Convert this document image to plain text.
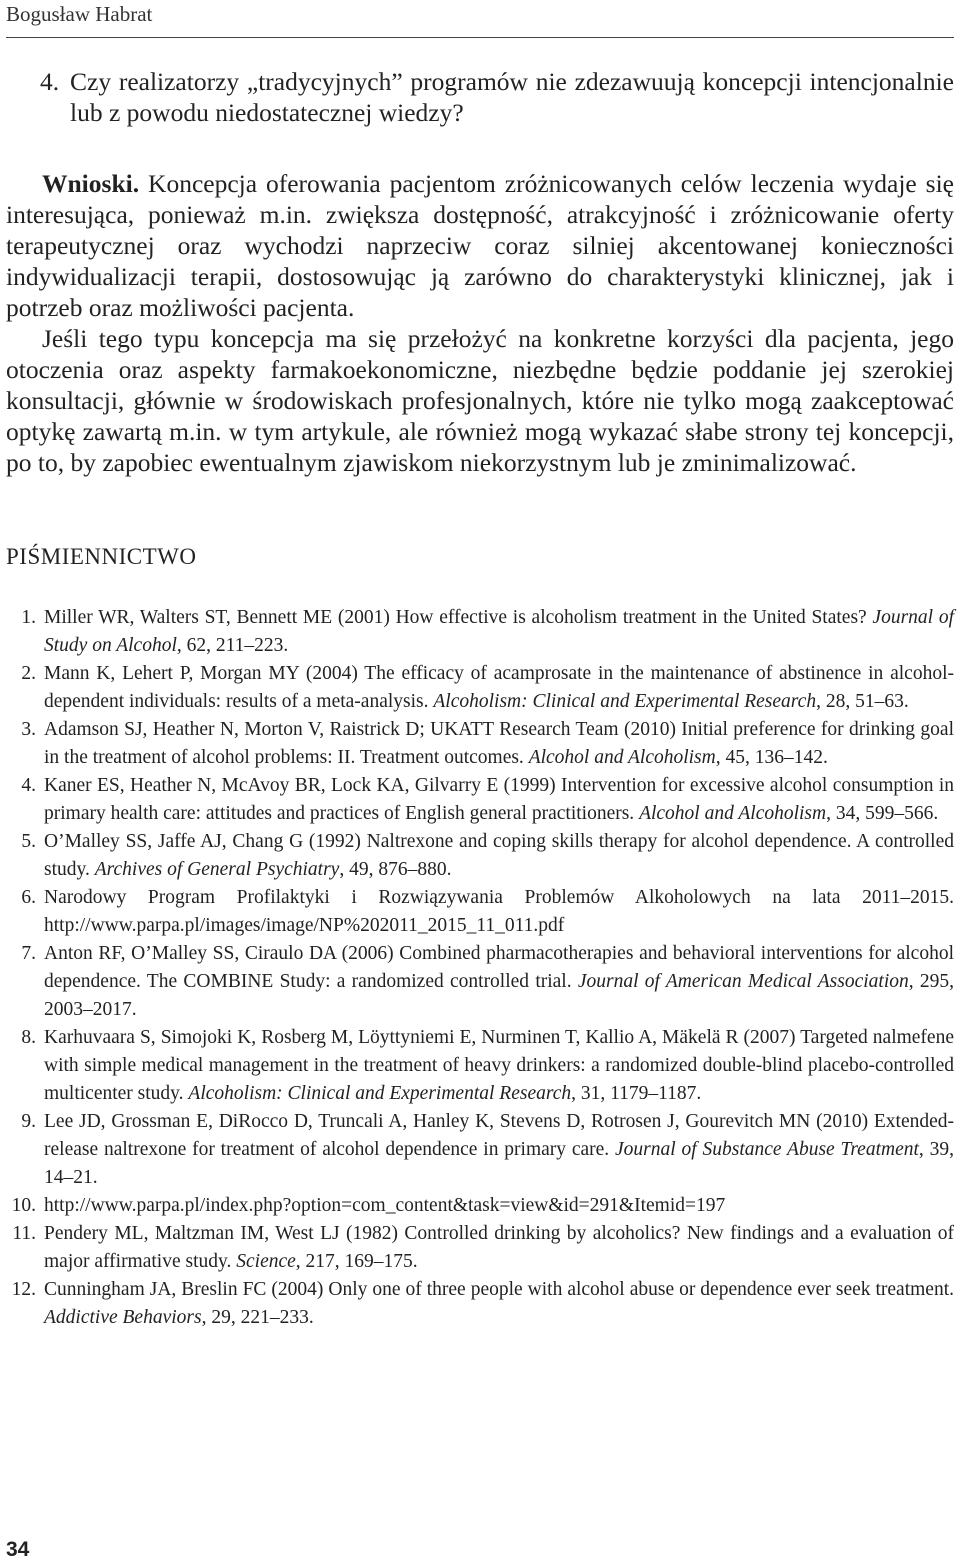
Bogusław Habrat
4. Czy realizatorzy „tradycyjnych” programów nie zdezawuują koncepcji intencjonalnie lub z powodu niedostatecznej wiedzy?

Wnioski. Koncepcja oferowania pacjentom zróżnicowanych celów leczenia wydaje się interesująca, ponieważ m.in. zwiększa dostępność, atrakcyjność i zróżnicowanie oferty terapeutycznej oraz wychodzi naprzeciw coraz silniej akcentowanej konieczności indywidualizacji terapii, dostosowując ją zarówno do charakterystyki klinicznej, jak i potrzeb oraz możliwości pacjenta.

Jeśli tego typu koncepcja ma się przełożyć na konkretne korzyści dla pacjenta, jego otoczenia oraz aspekty farmakoekonomiczne, niezbędne będzie poddanie jej szerokiej konsultacji, głównie w środowiskach profesjonalnych, które nie tylko mogą zaakceptować optykę zawartą m.in. w tym artykule, ale również mogą wykazać słabe strony tej koncepcji, po to, by zapobiec ewentualnym zjawiskom niekorzystnym lub je zminimalizować.

PIŚMIENNICTWO
1. Miller WR, Walters ST, Bennett ME (2001) How effective is alcoholism treatment in the United States? Journal of Study on Alcohol, 62, 211–223.
2. Mann K, Lehert P, Morgan MY (2004) The efficacy of acamprosate in the maintenance of abstinence in alcohol-dependent individuals: results of a meta-analysis. Alcoholism: Clinical and Experimental Research, 28, 51–63.
3. Adamson SJ, Heather N, Morton V, Raistrick D; UKATT Research Team (2010) Initial preference for drinking goal in the treatment of alcohol problems: II. Treatment outcomes. Alcohol and Alcoholism, 45, 136–142.
4. Kaner ES, Heather N, McAvoy BR, Lock KA, Gilvarry E (1999) Intervention for excessive alcohol consumption in primary health care: attitudes and practices of English general practitioners. Alcohol and Alcoholism, 34, 599–566.
5. O’Malley SS, Jaffe AJ, Chang G (1992) Naltrexone and coping skills therapy for alcohol dependence. A controlled study. Archives of General Psychiatry, 49, 876–880.
6. Narodowy Program Profilaktyki i Rozwiązywania Problemów Alkoholowych na lata 2011–2015. http://www.parpa.pl/images/image/NP%202011_2015_11_011.pdf
7. Anton RF, O’Malley SS, Ciraulo DA (2006) Combined pharmacotherapies and behavioral interventions for alcohol dependence. The COMBINE Study: a randomized controlled trial. Journal of American Medical Association, 295, 2003–2017.
8. Karhuvaara S, Simojoki K, Rosberg M, Löyttyniemi E, Nurminen T, Kallio A, Mäkelä R (2007) Targeted nalmefene with simple medical management in the treatment of heavy drinkers: a randomized double-blind placebo-controlled multicenter study. Alcoholism: Clinical and Experimental Research, 31, 1179–1187.
9. Lee JD, Grossman E, DiRocco D, Truncali A, Hanley K, Stevens D, Rotrosen J, Gourevitch MN (2010) Extended-release naltrexone for treatment of alcohol dependence in primary care. Journal of Substance Abuse Treatment, 39, 14–21.
10. http://www.parpa.pl/index.php?option=com_content&task=view&id=291&Itemid=197
11. Pendery ML, Maltzman IM, West LJ (1982) Controlled drinking by alcoholics? New findings and a evaluation of major affirmative study. Science, 217, 169–175.
12. Cunningham JA, Breslin FC (2004) Only one of three people with alcohol abuse or dependence ever seek treatment. Addictive Behaviors, 29, 221–233.
34
